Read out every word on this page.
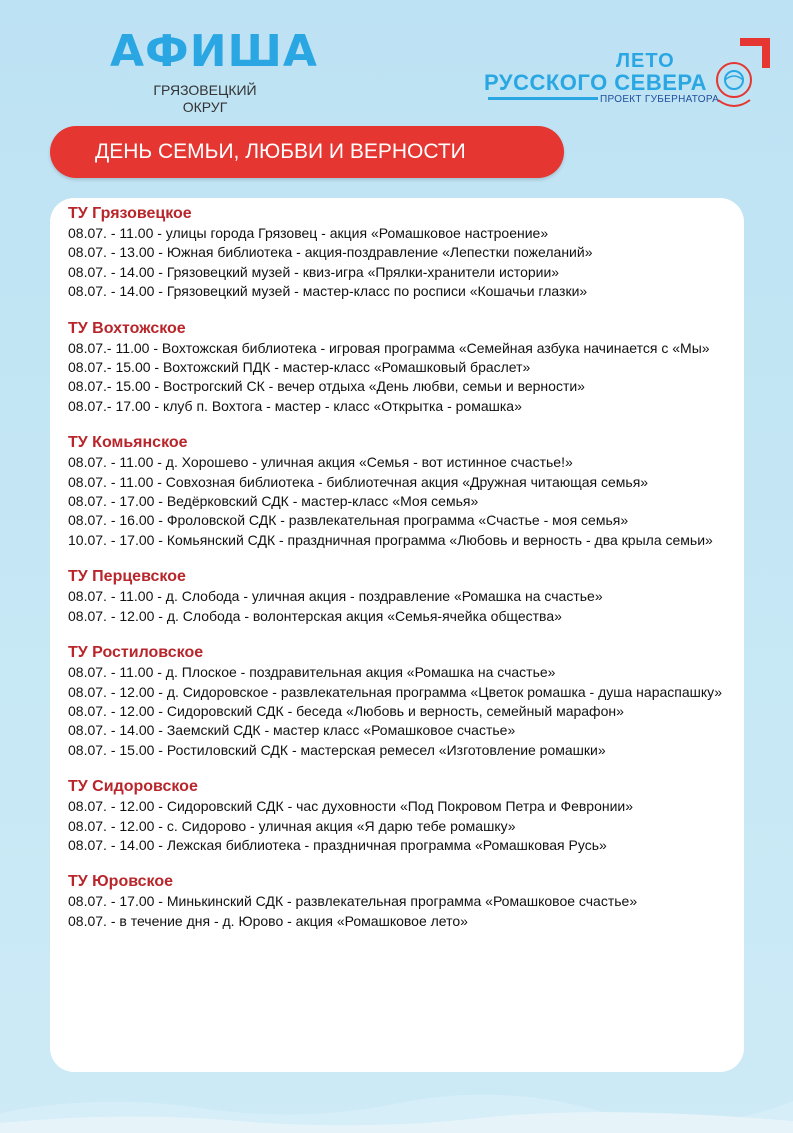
АФИША
ГРЯЗОВЕЦКИЙ
ОКРУГ
ЛЕТО
РУССКОГО СЕВЕРА
ПРОЕКТ ГУБЕРНАТОРА
ДЕНЬ СЕМЬИ, ЛЮБВИ И ВЕРНОСТИ
ТУ Грязовецкое
08.07. - 11.00 - улицы города Грязовец - акция «Ромашковое настроение»
08.07. - 13.00 - Южная библиотека - акция-поздравление «Лепестки пожеланий»
08.07. - 14.00 - Грязовецкий музей - квиз-игра «Прялки-хранители истории»
08.07. - 14.00 - Грязовецкий музей - мастер-класс по росписи «Кошачьи глазки»
ТУ Вохтожское
08.07.- 11.00 - Вохтожская библиотека - игровая программа «Семейная азбука начинается с «Мы»
08.07.- 15.00 - Вохтожский ПДК - мастер-класс «Ромашковый браслет»
08.07.- 15.00 - Вострогский СК - вечер отдыха «День любви, семьи и верности»
08.07.- 17.00 - клуб п. Вохтога - мастер - класс «Открытка - ромашка»
ТУ Комьянское
08.07. - 11.00 - д. Хорошево - уличная акция «Семья - вот истинное счастье!»
08.07. - 11.00 - Совхозная библиотека - библиотечная акция «Дружная читающая семья»
08.07. - 17.00 - Ведёрковский СДК - мастер-класс «Моя семья»
08.07. - 16.00 - Фроловской СДК - развлекательная программа «Счастье - моя семья»
10.07. - 17.00 - Комьянский СДК - праздничная программа «Любовь и верность - два крыла семьи»
ТУ Перцевское
08.07. - 11.00 - д. Слобода - уличная акция - поздравление «Ромашка на счастье»
08.07. - 12.00 - д. Слобода - волонтерская акция «Семья-ячейка общества»
ТУ Ростиловское
08.07. - 11.00 - д. Плоское - поздравительная акция «Ромашка на счастье»
08.07. - 12.00 - д. Сидоровское - развлекательная программа «Цветок ромашка - душа нараспашку»
08.07. - 12.00 - Сидоровский СДК - беседа «Любовь и верность, семейный марафон»
08.07. - 14.00 - Заемский СДК - мастер класс «Ромашковое счастье»
08.07. - 15.00 - Ростиловский СДК - мастерская ремесел «Изготовление ромашки»
ТУ Сидоровское
08.07. - 12.00 - Сидоровский СДК - час духовности «Под Покровом Петра и Февронии»
08.07. - 12.00 - с. Сидорово - уличная акция «Я дарю тебе ромашку»
08.07. - 14.00 - Лежская библиотека - праздничная программа «Ромашковая Русь»
ТУ Юровское
08.07. - 17.00 - Минькинский СДК - развлекательная программа «Ромашковое счастье»
08.07. - в течение дня - д. Юрово - акция «Ромашковое лето»
